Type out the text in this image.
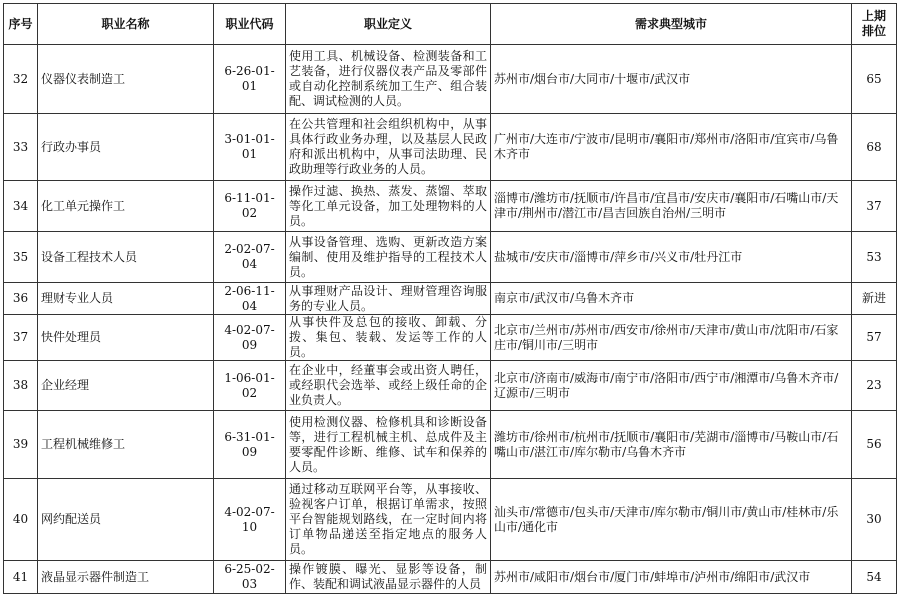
序号	职业名称	职业代码	职业定义	需求典型城市	上期
排位
32	仪器仪表制造工	6-26-01-01	使用工具、机械设备、检测装备和工艺装备，进行仪器仪表产品及零部件或自动化控制系统加工生产、组合装配、调试检测的人员。	苏州市/烟台市/大同市/十堰市/武汉市	65
33	行政办事员	3-01-01-01	在公共管理和社会组织机构中，从事具体行政业务办理，以及基层人民政府和派出机构中，从事司法助理、民政助理等行政业务的人员。	广州市/大连市/宁波市/昆明市/襄阳市/郑州市/洛阳市/宜宾市/乌鲁木齐市	68
34	化工单元操作工	6-11-01-02	操作过滤、换热、蒸发、蒸馏、萃取等化工单元设备，加工处理物料的人员。	淄博市/潍坊市/抚顺市/许昌市/宜昌市/安庆市/襄阳市/石嘴山市/天津市/荆州市/潜江市/昌吉回族自治州/三明市	37
35	设备工程技术人员	2-02-07-04	从事设备管理、选购、更新改造方案编制、使用及维护指导的工程技术人员。	盐城市/安庆市/淄博市/萍乡市/兴义市/牡丹江市	53
36	理财专业人员	2-06-11-04	从事理财产品设计、理财管理咨询服务的专业人员。	南京市/武汉市/乌鲁木齐市	新进
37	快件处理员	4-02-07-09	从事快件及总包的接收、卸载、分拨、集包、装载、发运等工作的人员。	北京市/兰州市/苏州市/西安市/徐州市/天津市/黄山市/沈阳市/石家庄市/铜川市/三明市	57
38	企业经理	1-06-01-02	在企业中，经董事会或出资人聘任，或经职代会选举、或经上级任命的企业负责人。	北京市/济南市/威海市/南宁市/洛阳市/西宁市/湘潭市/乌鲁木齐市/辽源市/三明市	23
39	工程机械维修工	6-31-01-09	使用检测仪器、检修机具和诊断设备等，进行工程机械主机、总成件及主要零配件诊断、维修、试车和保养的人员。	潍坊市/徐州市/杭州市/抚顺市/襄阳市/芜湖市/淄博市/马鞍山市/石嘴山市/湛江市/库尔勒市/乌鲁木齐市	56
40	网约配送员	4-02-07-10	通过移动互联网平台等，从事接收、验视客户订单，根据订单需求，按照平台智能规划路线，在一定时间内将订单物品递送至指定地点的服务人员。	汕头市/常德市/包头市/天津市/库尔勒市/铜川市/黄山市/桂林市/乐山市/通化市	30
41	液晶显示器件制造工	6-25-02-03	操作镀膜、曝光、显影等设备，制作、装配和调试液晶显示器件的人员	苏州市/咸阳市/烟台市/厦门市/蚌埠市/泸州市/绵阳市/武汉市	54
